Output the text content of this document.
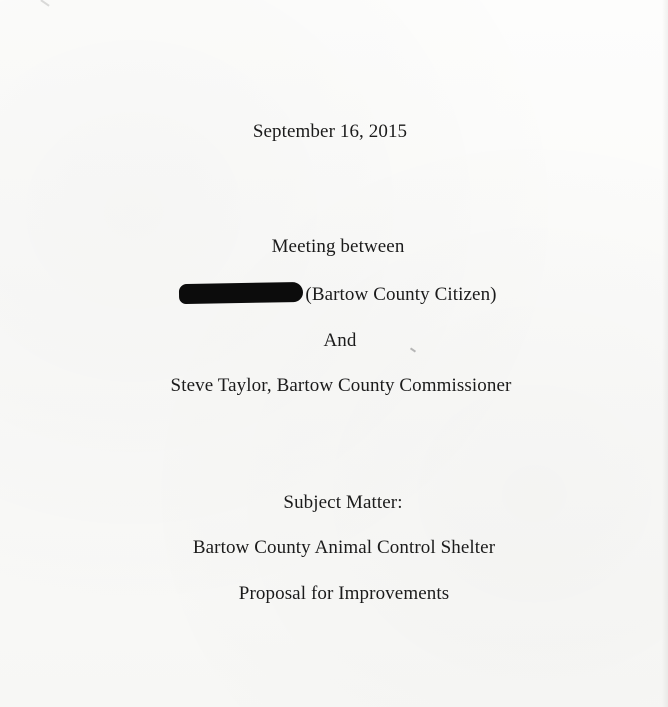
September 16, 2015
Meeting between
(Bartow County Citizen)
And
Steve Taylor, Bartow County Commissioner
Subject Matter:
Bartow County Animal Control Shelter
Proposal for Improvements
